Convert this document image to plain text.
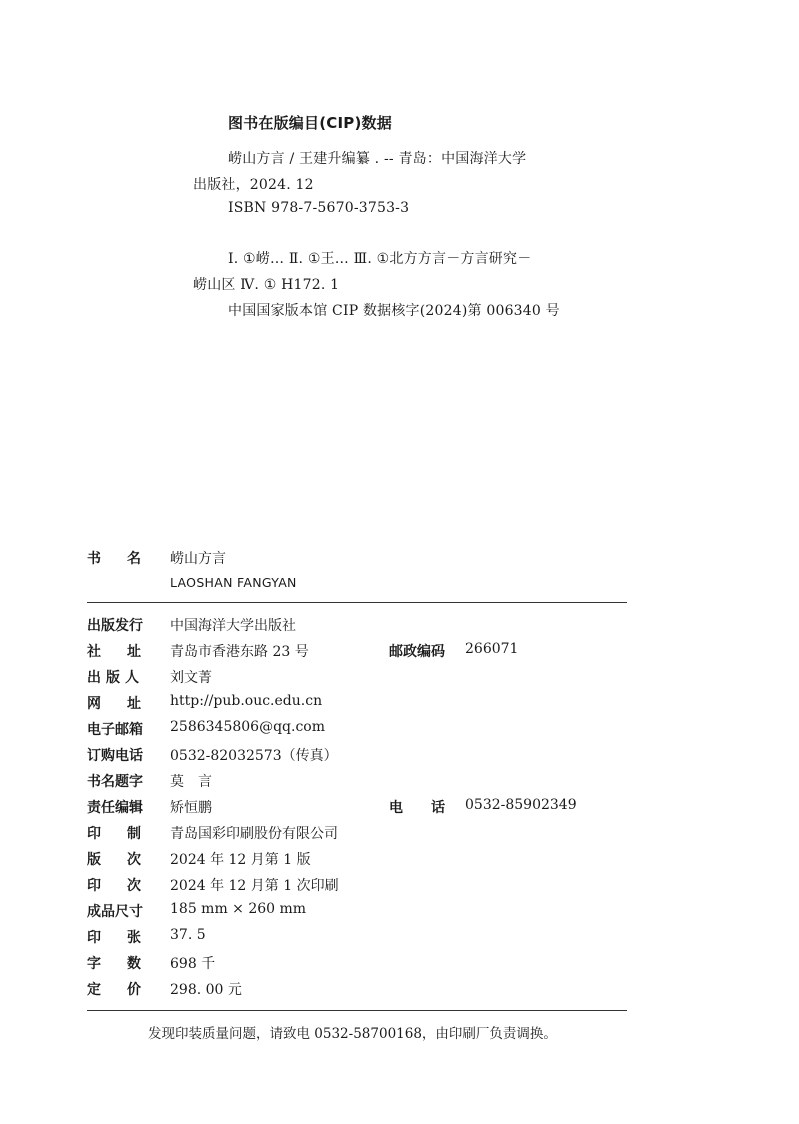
图书在版编目(CIP)数据
崂山方言 / 王建升编纂 . -- 青岛：中国海洋大学
出版社，2024. 12
ISBN 978-7-5670-3753-3
Ⅰ. ①崂… Ⅱ. ①王… Ⅲ. ①北方方言－方言研究－
崂山区 Ⅳ. ① H172. 1
中国国家版本馆 CIP 数据核字(2024)第 006340 号
书名 崂山方言
LAOSHAN FANGYAN
出版发行 中国海洋大学出版社
社址 青岛市香港东路 23 号	邮政编码 266071
出版人 刘文菁
网址 http://pub.ouc.edu.cn
电子邮箱 2586345806@qq.com
订购电话 0532-82032573（传真）
书名题字 莫　言
责任编辑 矫恒鹏	电　　话 0532-85902349
印制 青岛国彩印刷股份有限公司
版次 2024 年 12 月第 1 版
印次 2024 年 12 月第 1 次印刷
成品尺寸 185 mm × 260 mm
印张 37. 5
字数 698 千
定价 298. 00 元
发现印装质量问题，请致电 0532-58700168，由印刷厂负责调换。
